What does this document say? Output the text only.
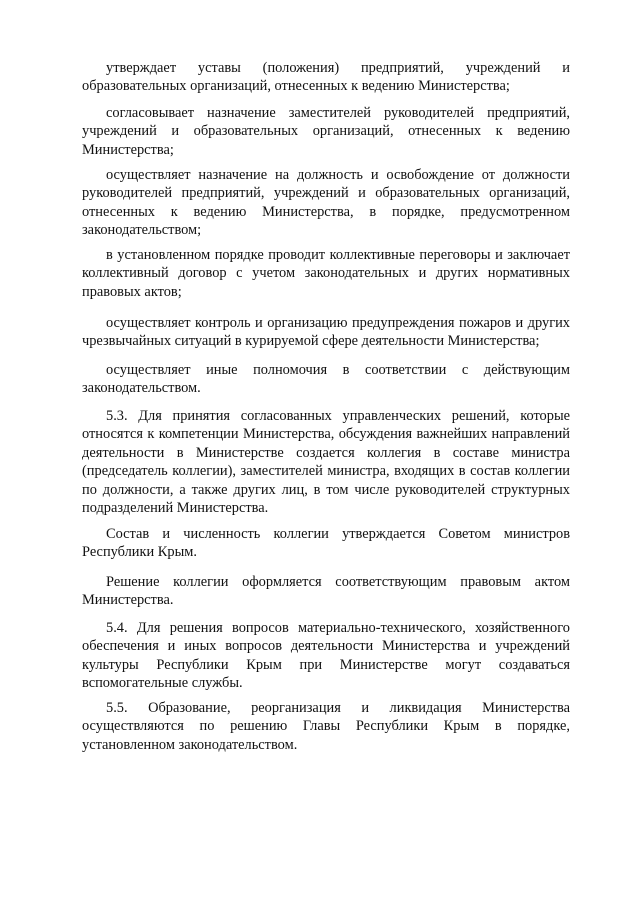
утверждает уставы (положения) предприятий, учреждений и
образовательных организаций, отнесенных к ведению Министерства;

согласовывает назначение заместителей руководителей предприятий,
учреждений и образовательных организаций, отнесенных к ведению
Министерства;

осуществляет назначение на должность и освобождение от должности
руководителей предприятий, учреждений и образовательных организаций,
отнесенных к ведению Министерства, в порядке, предусмотренном
законодательством;

в установленном порядке проводит коллективные переговоры и заключает
коллективный договор с учетом законодательных и других нормативных
правовых актов;

осуществляет контроль и организацию предупреждения пожаров и других
чрезвычайных ситуаций в курируемой сфере деятельности Министерства;

осуществляет иные полномочия в соответствии с действующим
законодательством.

5.3. Для принятия согласованных управленческих решений, которые
относятся к компетенции Министерства, обсуждения важнейших направлений
деятельности в Министерстве создается коллегия в составе министра
(председатель коллегии), заместителей министра, входящих в состав коллегии
по должности, а также других лиц, в том числе руководителей структурных
подразделений Министерства.

Состав и численность коллегии утверждается Советом министров
Республики Крым.

Решение коллегии оформляется соответствующим правовым актом
Министерства.

5.4. Для решения вопросов материально-технического, хозяйственного
обеспечения и иных вопросов деятельности Министерства и учреждений
культуры Республики Крым при Министерстве могут создаваться
вспомогательные службы.

5.5. Образование, реорганизация и ликвидация Министерства
осуществляются по решению Главы Республики Крым в порядке,
установленном законодательством.
